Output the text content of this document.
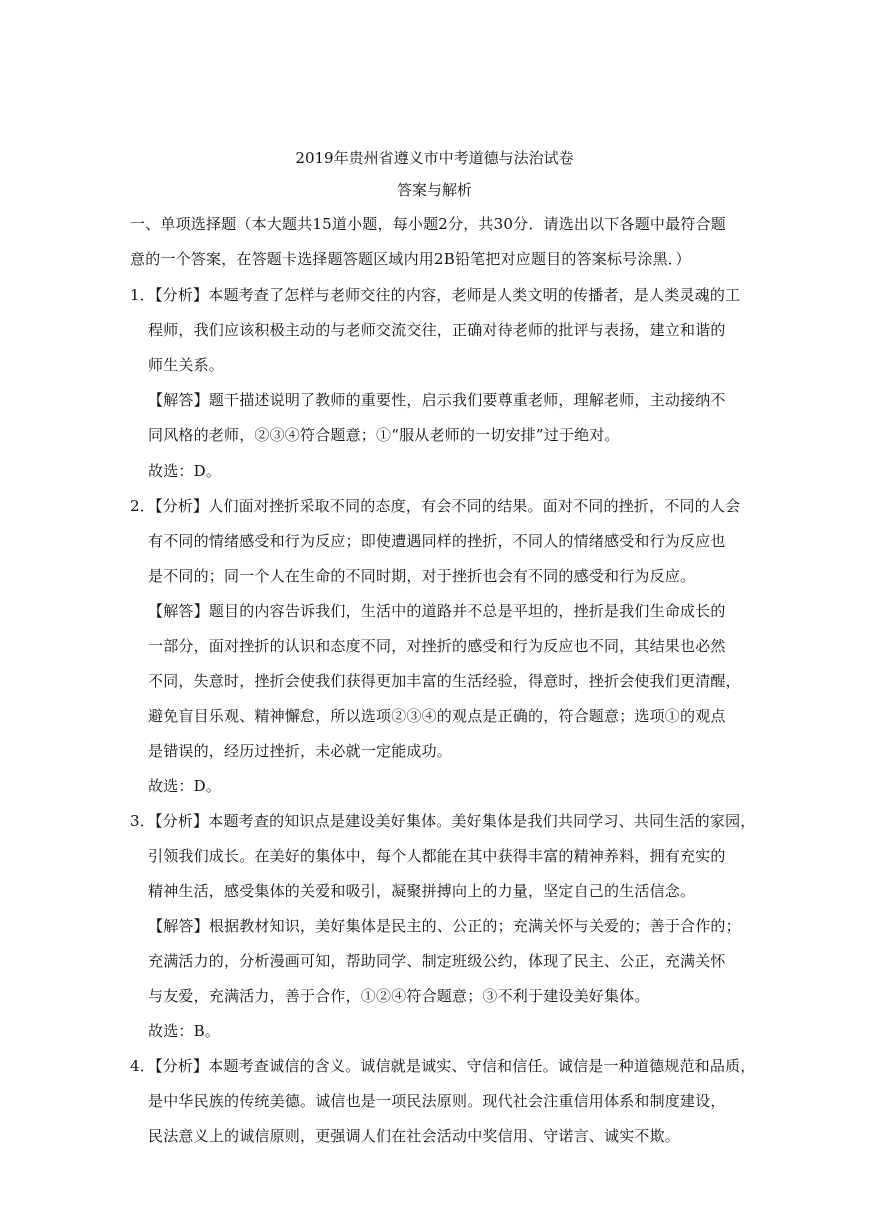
2019年贵州省遵义市中考道德与法治试卷
答案与解析
一、单项选择题（本大题共15道小题，每小题2分，共30分．请选出以下各题中最符合题
意的一个答案，在答题卡选择题答题区域内用2B铅笔把对应题目的答案标号涂黑．）
1．【分析】本题考查了怎样与老师交往的内容，老师是人类文明的传播者，是人类灵魂的工
程师，我们应该积极主动的与老师交流交往，正确对待老师的批评与表扬，建立和谐的
师生关系。
【解答】题干描述说明了教师的重要性，启示我们要尊重老师，理解老师，主动接纳不
同风格的老师，②③④符合题意；①“服从老师的一切安排”过于绝对。
故选：D。
2．【分析】人们面对挫折采取不同的态度，有会不同的结果。面对不同的挫折，不同的人会
有不同的情绪感受和行为反应；即使遭遇同样的挫折，不同人的情绪感受和行为反应也
是不同的；同一个人在生命的不同时期，对于挫折也会有不同的感受和行为反应。
【解答】题目的内容告诉我们，生活中的道路并不总是平坦的，挫折是我们生命成长的
一部分，面对挫折的认识和态度不同，对挫折的感受和行为反应也不同，其结果也必然
不同，失意时，挫折会使我们获得更加丰富的生活经验，得意时，挫折会使我们更清醒，
避免盲目乐观、精神懈怠，所以选项②③④的观点是正确的，符合题意；选项①的观点
是错误的，经历过挫折，未必就一定能成功。
故选：D。
3．【分析】本题考查的知识点是建设美好集体。美好集体是我们共同学习、共同生活的家园，
引领我们成长。在美好的集体中，每个人都能在其中获得丰富的精神养料，拥有充实的
精神生活，感受集体的关爱和吸引，凝聚拼搏向上的力量，坚定自己的生活信念。
【解答】根据教材知识，美好集体是民主的、公正的；充满关怀与关爱的；善于合作的；
充满活力的，分析漫画可知，帮助同学、制定班级公约，体现了民主、公正，充满关怀
与友爱，充满活力，善于合作，①②④符合题意；③不利于建设美好集体。
故选：B。
4．【分析】本题考查诚信的含义。诚信就是诚实、守信和信任。诚信是一种道德规范和品质，
是中华民族的传统美德。诚信也是一项民法原则。现代社会注重信用体系和制度建设，
民法意义上的诚信原则，更强调人们在社会活动中奖信用、守诺言、诚实不欺。
